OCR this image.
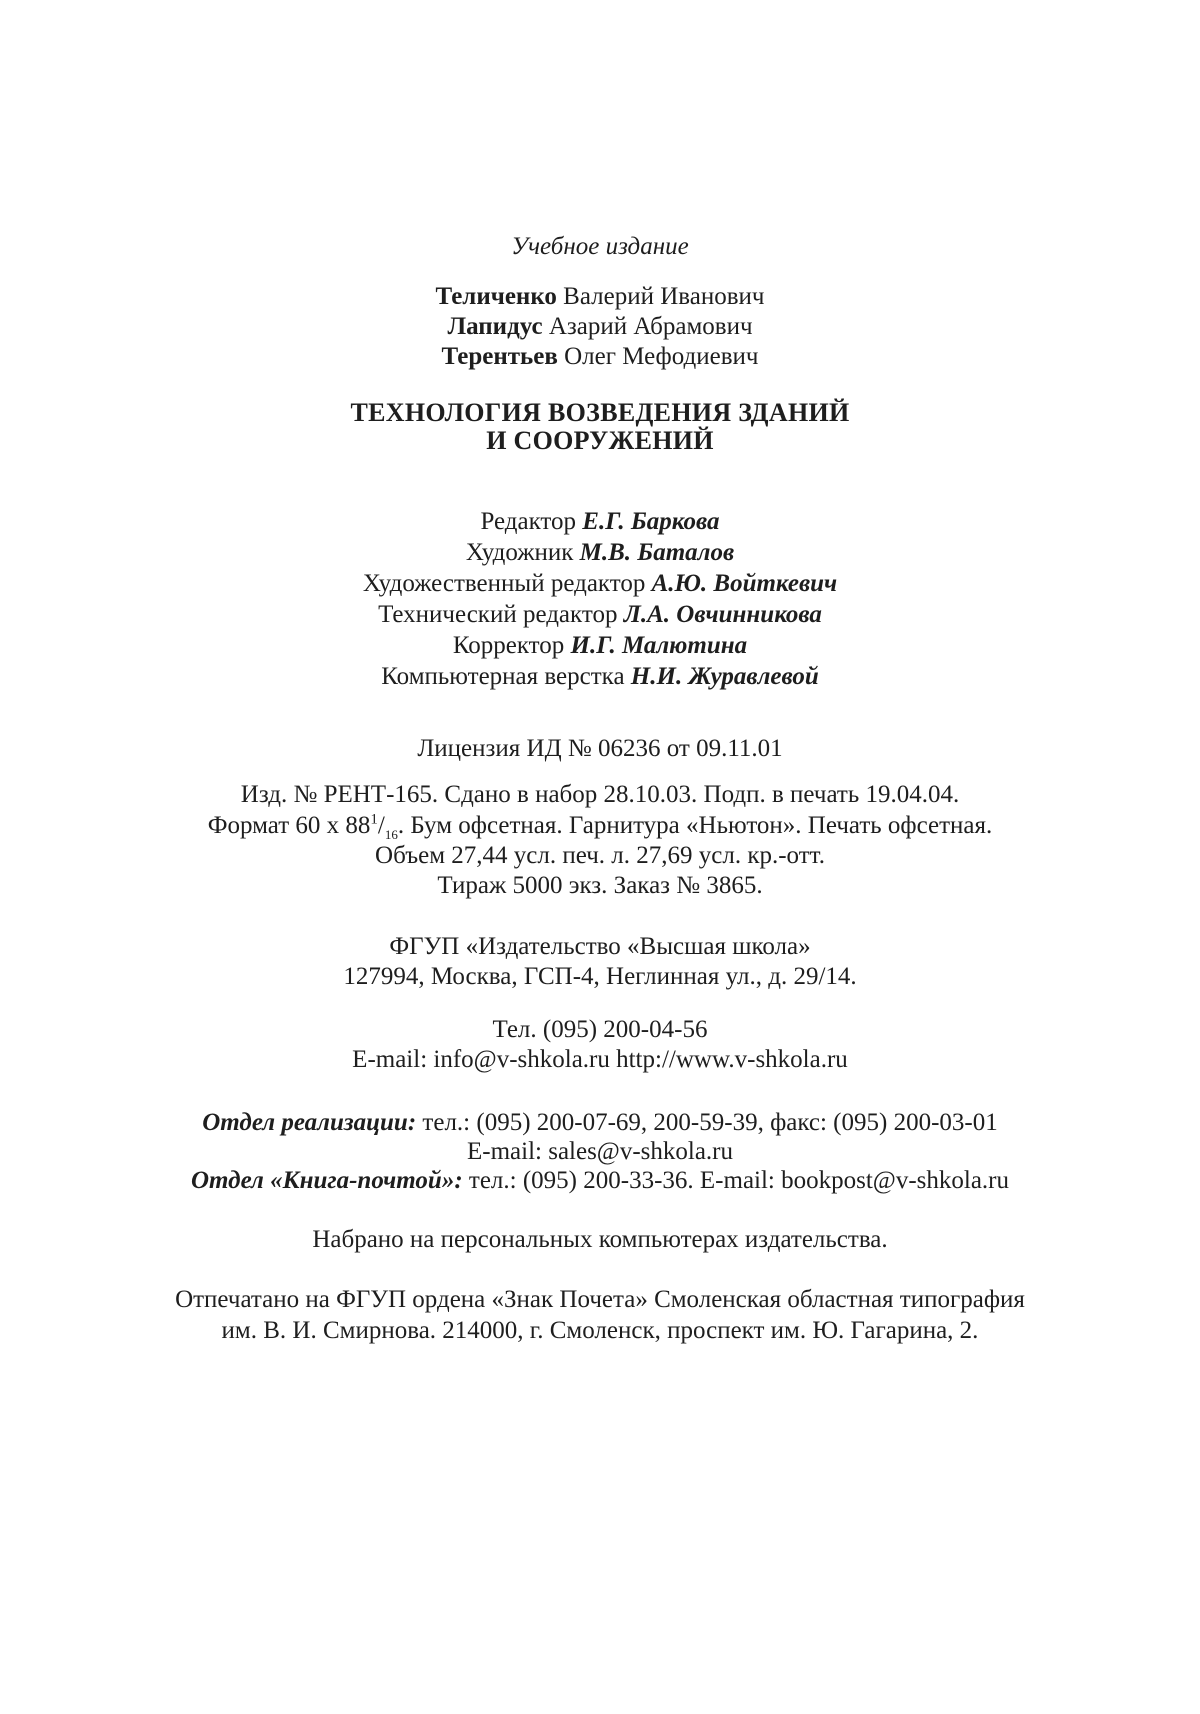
Учебное издание
Теличенко Валерий Иванович
Лапидус Азарий Абрамович
Терентьев Олег Мефодиевич
ТЕХНОЛОГИЯ ВОЗВЕДЕНИЯ ЗДАНИЙ
И СООРУЖЕНИЙ
Редактор Е.Г. Баркова
Художник М.В. Баталов
Художественный редактор А.Ю. Войткевич
Технический редактор Л.А. Овчинникова
Корректор И.Г. Малютина
Компьютерная верстка Н.И. Журавлевой
Лицензия ИД № 06236 от 09.11.01
Изд. № РЕНТ-165. Сдано в набор 28.10.03. Подп. в печать 19.04.04.
Формат 60 х $88^1/_{16}$. Бум офсетная. Гарнитура «Ньютон». Печать офсетная.
Объем 27,44 усл. печ. л. 27,69 усл. кр.-отт.
Тираж 5000 экз. Заказ № 3865.
ФГУП «Издательство «Высшая школа»
127994, Москва, ГСП-4, Неглинная ул., д. 29/14.
Тел. (095) 200-04-56
E-mail: info@v-shkola.ru http://www.v-shkola.ru
Отдел реализации: тел.: (095) 200-07-69, 200-59-39, факс: (095) 200-03-01
E-mail: sales@v-shkola.ru
Отдел «Книга-почтой»: тел.: (095) 200-33-36. E-mail: bookpost@v-shkola.ru
Набрано на персональных компьютерах издательства.
Отпечатано на ФГУП ордена «Знак Почета» Смоленская областная типография
им. В. И. Смирнова. 214000, г. Смоленск, проспект им. Ю. Гагарина, 2.
